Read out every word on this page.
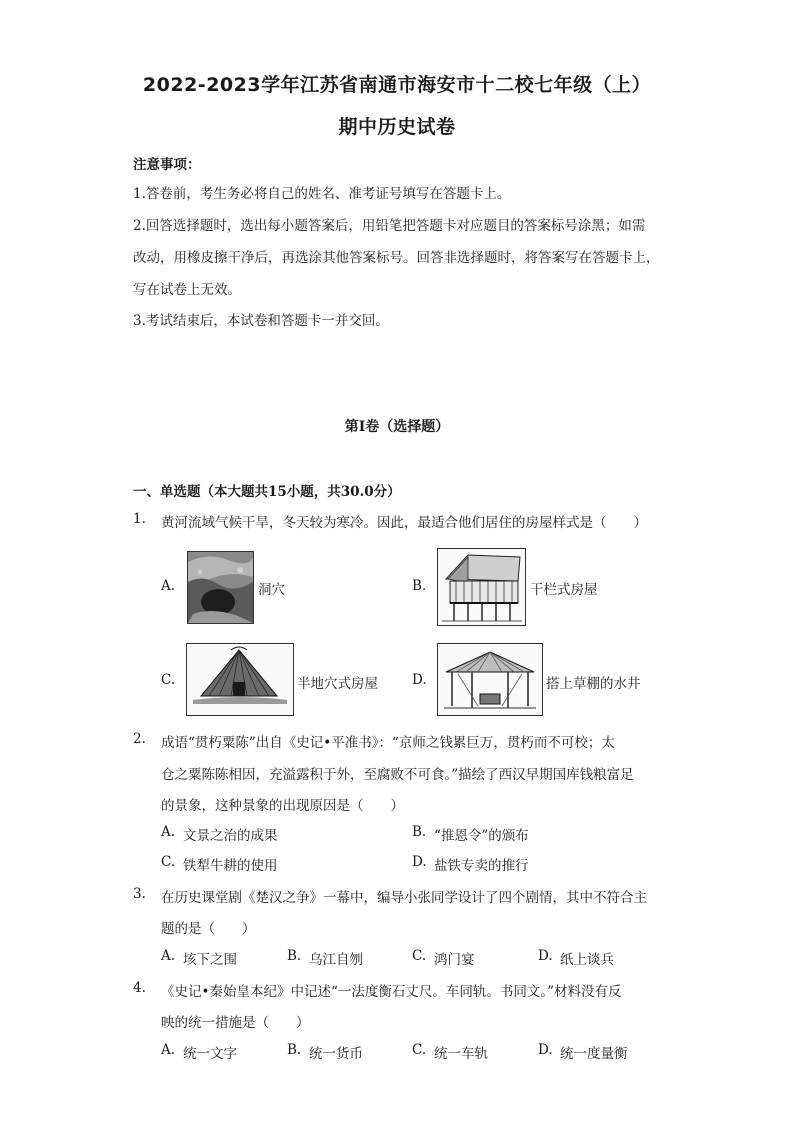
2022-2023学年江苏省南通市海安市十二校七年级（上）
期中历史试卷
注意事项：
1.答卷前，考生务必将自己的姓名、准考证号填写在答题卡上。
2.回答选择题时，选出每小题答案后，用铅笔把答题卡对应题目的答案标号涂黑；如需
改动，用橡皮擦干净后，再选涂其他答案标号。回答非选择题时，将答案写在答题卡上，
写在试卷上无效。
3.考试结束后，本试卷和答题卡一并交回。
第I卷（选择题）
一、单选题（本大题共15小题，共30.0分）
1. 黄河流域气候干旱，冬天较为寒冷。因此，最适合他们居住的房屋样式是（　　）
A.	洞穴	B.	干栏式房屋
C.	半地穴式房屋	D.	搭上草棚的水井
2. 成语“贯朽粟陈”出自《史记•平准书》：“京师之钱累巨万，贯朽而不可校；太
仓之粟陈陈相因，充溢露积于外，至腐败不可食。”描绘了西汉早期国库钱粮富足
的景象，这种景象的出现原因是（　　）
A. 文景之治的成果	B. “推恩令”的颁布
C. 铁犁牛耕的使用	D. 盐铁专卖的推行
3. 在历史课堂剧《楚汉之争》一幕中，编导小张同学设计了四个剧情，其中不符合主
题的是（　　）
A. 垓下之围	B. 乌江自刎	C. 鸿门宴	D. 纸上谈兵
4. 《史记•秦始皇本纪》中记述“一法度衡石丈尺。车同轨。书同文。”材料没有反
映的统一措施是（　　）
A. 统一文字	B. 统一货币	C. 统一车轨	D. 统一度量衡
